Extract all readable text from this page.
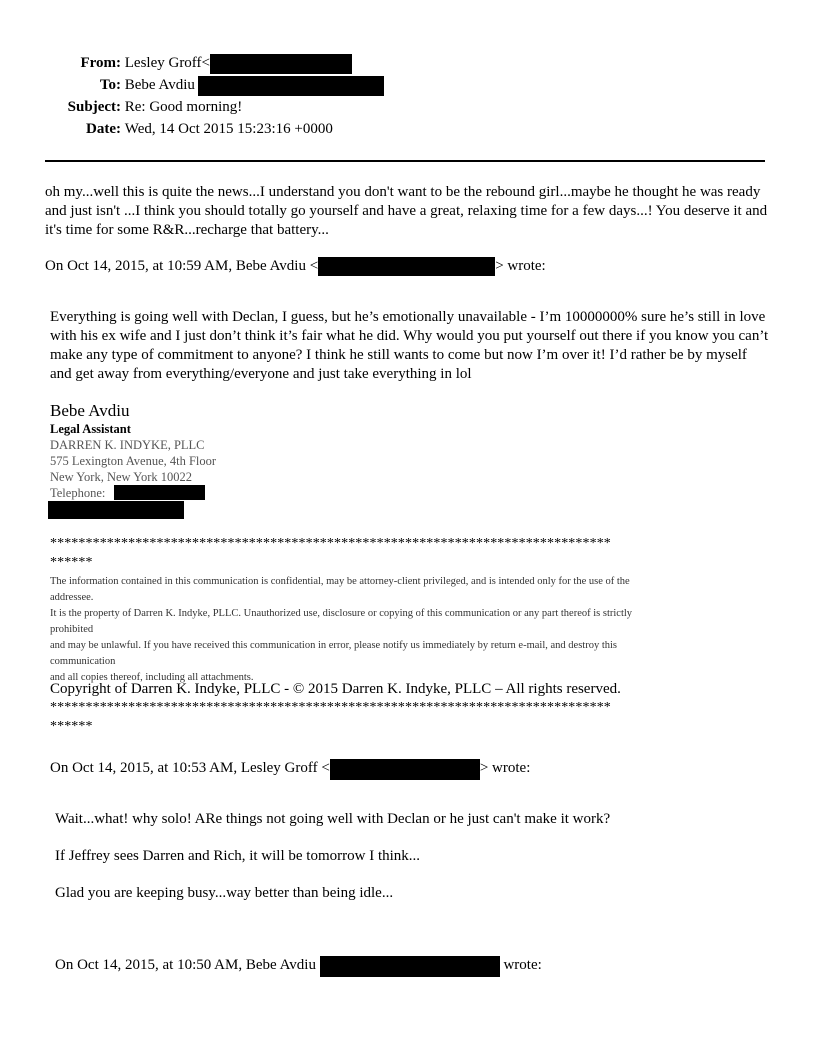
From: Lesley Groff<
To: Bebe Avdiu
Subject: Re: Good morning!
Date: Wed, 14 Oct 2015 15:23:16 +0000
oh my...well this is quite the news...I understand you don't want to be the rebound girl...maybe he thought he was ready and just isn't ...I think you should totally go yourself and have a great, relaxing time for a few days...! You deserve it and it's time for some R&R...recharge that battery...
On Oct 14, 2015, at 10:59 AM, Bebe Avdiu <	> wrote:
Everything is going well with Declan, I guess, but he’s emotionally unavailable - I’m 10000000% sure he’s still in love with his ex wife and I just don’t think it’s fair what he did. Why would you put yourself out there if you know you can’t make any type of commitment to anyone? I think he still wants to come but now I’m over it! I’d rather be by myself and get away from everything/everyone and just take everything in lol
Bebe Avdiu
Legal Assistant
DARREN K. INDYKE, PLLC
575 Lexington Avenue, 4th Floor
New York, New York 10022
Telephone:
*******************************************************************************
******
The information contained in this communication is confidential, may be attorney-client privileged, and is intended only for the use of the
addressee.
It is the property of Darren K. Indyke, PLLC. Unauthorized use, disclosure or copying of this communication or any part thereof is strictly
prohibited
and may be unlawful. If you have received this communication in error, please notify us immediately by return e-mail, and destroy this
communication
and all copies thereof, including all attachments.
Copyright of Darren K. Indyke, PLLC - © 2015 Darren K. Indyke, PLLC – All rights reserved.
*******************************************************************************
******
On Oct 14, 2015, at 10:53 AM, Lesley Groff <	> wrote:
Wait...what! why solo! ARe things not going well with Declan or he just can't make it work?
If Jeffrey sees Darren and Rich, it will be tomorrow I think...
Glad you are keeping busy...way better than being idle...
On Oct 14, 2015, at 10:50 AM, Bebe Avdiu	wrote:
